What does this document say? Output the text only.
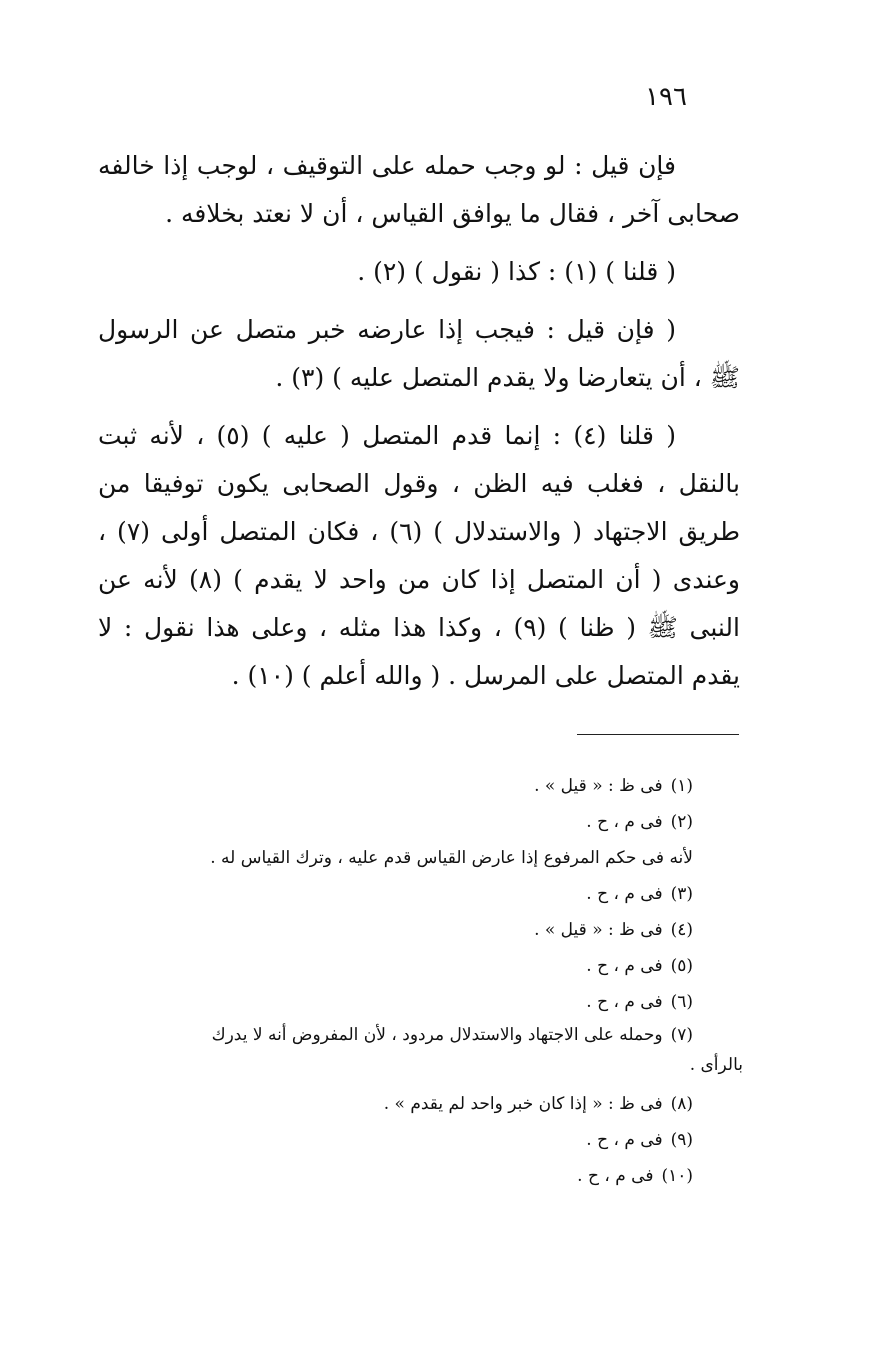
١٩٦

فإن قيل : لو وجب حمله على التوقيف ، لوجب إذا خالفه صحابى آخر ، فقال ما يوافق القياس ، أن لا نعتد بخلافه .

( قلنا ) (١) : كذا ( نقول ) (٢) .

( فإن قيل : فيجب إذا عارضه خبر متصل عن الرسول ﷺ ، أن يتعارضا ولا يقدم المتصل عليه ) (٣) .

( قلنا (٤) : إنما قدم المتصل ( عليه ) (٥) ، لأنه ثبت بالنقل ، فغلب فيه الظن ، وقول الصحابى يكون توفيقا من طريق الاجتهاد ( والاستدلال ) (٦) ، فكان المتصل أولى (٧) ، وعندى ( أن المتصل إذا كان من واحد لا يقدم ) (٨) لأنه عن النبى ﷺ ( ظنا ) (٩) ، وكذا هذا مثله ، وعلى هذا نقول : لا يقدم المتصل على المرسل . ( والله أعلم ) (١٠) .

(١)فى ظ : « قيل » .

(٢)فى م ، ح .

لأنه فى حكم المرفوع إذا عارض القياس قدم عليه ، وترك القياس له .

(٣)فى م ، ح .

(٤)فى ظ : « قيل » .

(٥)فى م ، ح .

(٦)فى م ، ح .

(٧)وحمله على الاجتهاد والاستدلال مردود ، لأن المفروض أنه لا يدرك

بالرأى .

(٨)فى ظ : « إذا كان خبر واحد لم يقدم » .

(٩)فى م ، ح .

(١٠)فى م ، ح .
